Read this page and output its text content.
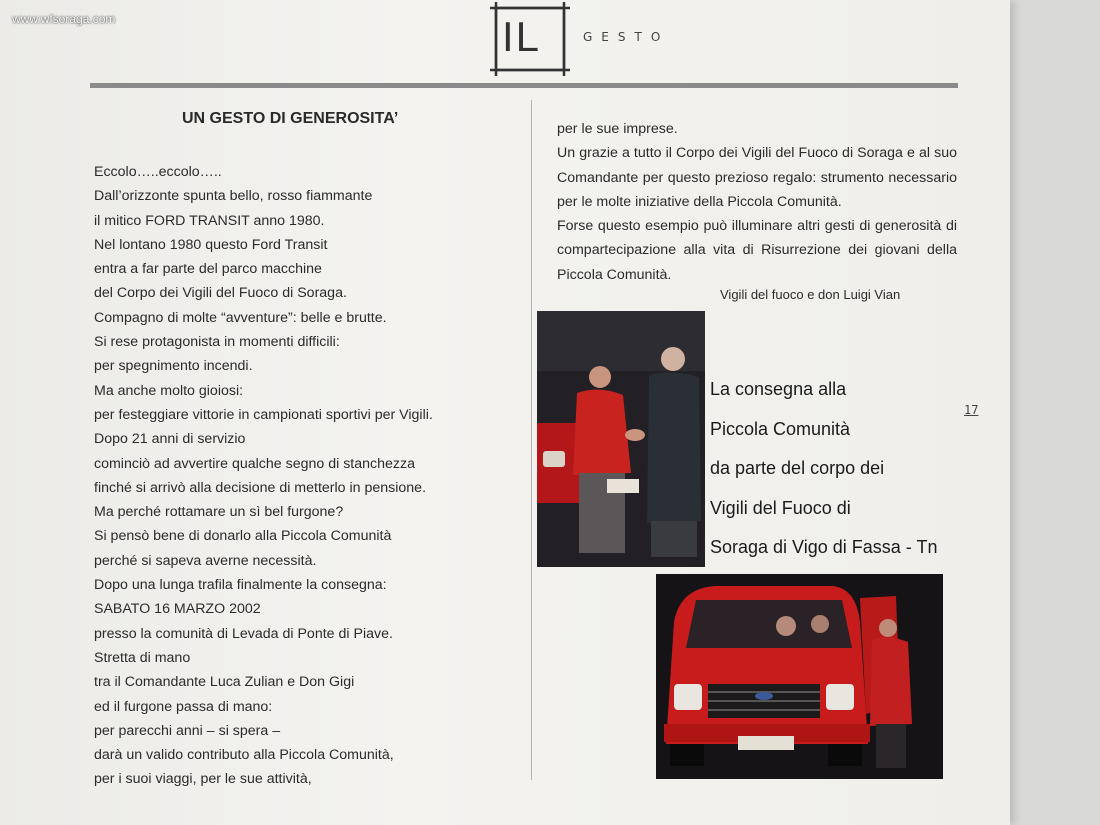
IL	GESTO
UN GESTO DI GENEROSITA’
Eccolo…..eccolo…..
Dall’orizzonte spunta bello, rosso fiammante
il mitico FORD TRANSIT anno 1980.
Nel lontano 1980 questo Ford Transit
entra a far parte del parco macchine
del Corpo dei Vigili del Fuoco di Soraga.
Compagno di molte “avventure”: belle e brutte.
Si rese protagonista in momenti difficili:
per spegnimento incendi.
Ma anche molto gioiosi:
per festeggiare vittorie in campionati sportivi per Vigili.
Dopo 21 anni di servizio
cominciò ad avvertire qualche segno di stanchezza
finché si arrivò alla decisione di metterlo in pensione.
Ma perché rottamare un sì bel furgone?
Si pensò bene di donarlo alla Piccola Comunità
perché si sapeva averne necessità.
Dopo una lunga trafila finalmente la consegna:
SABATO 16 MARZO 2002
presso la comunità di Levada di Ponte di Piave.
Stretta di mano
tra il Comandante Luca Zulian e Don Gigi
ed il furgone passa di mano:
per parecchi anni – si spera –
darà un valido contributo alla Piccola Comunità,
per i suoi viaggi, per le sue attività,

per le sue imprese.

Un grazie a tutto il Corpo dei Vigili del Fuoco di Soraga e al suo Comandante per questo prezioso regalo: strumento necessario per le molte iniziative della Piccola Comunità.

Forse questo esempio può illuminare altri gesti di generosità di compartecipazione alla vita di Risurrezione dei giovani della Piccola Comunità.

Vigili del fuoco e don Luigi Vian
La consegna alla
Piccola Comunità
da parte del corpo dei
Vigili del Fuoco di
Soraga di Vigo di Fassa - Tn
17
www.wfsoraga.com
